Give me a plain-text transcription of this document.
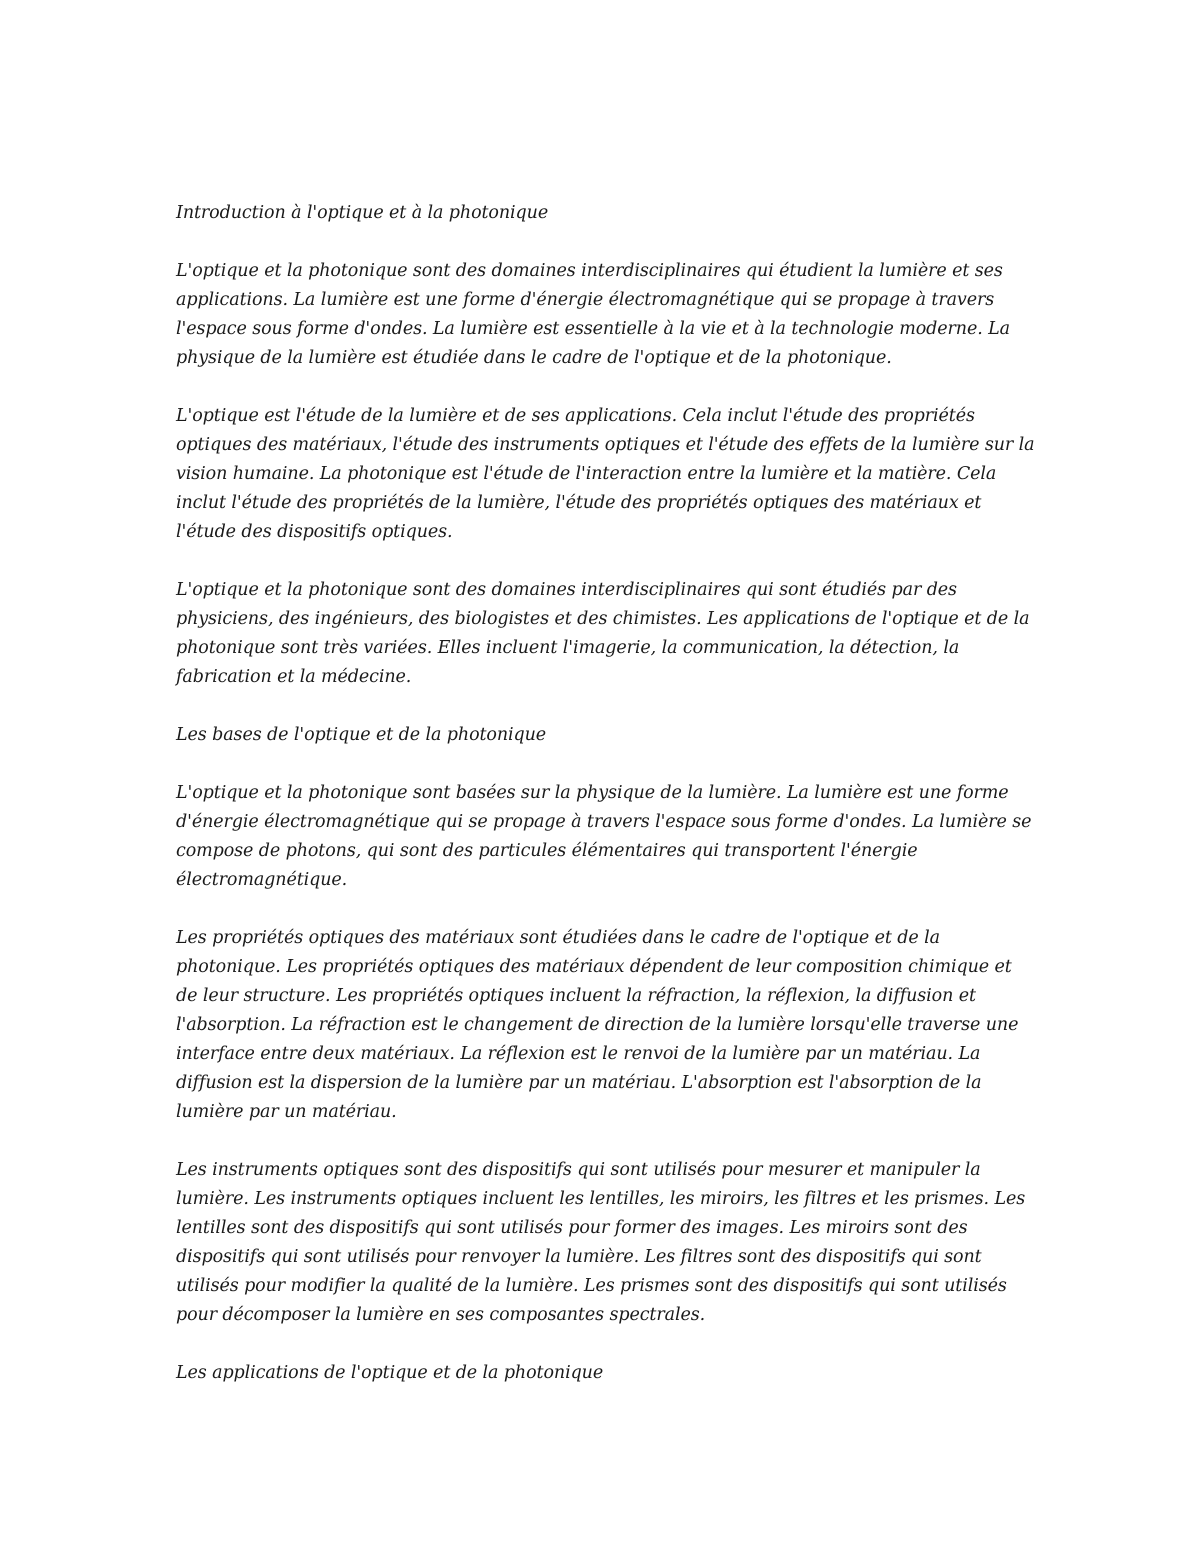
Introduction à l'optique et à la photonique

L'optique et la photonique sont des domaines interdisciplinaires qui étudient la lumière et ses applications. La lumière est une forme d'énergie électromagnétique qui se propage à travers l'espace sous forme d'ondes. La lumière est essentielle à la vie et à la technologie moderne. La physique de la lumière est étudiée dans le cadre de l'optique et de la photonique.

L'optique est l'étude de la lumière et de ses applications. Cela inclut l'étude des propriétés optiques des matériaux, l'étude des instruments optiques et l'étude des effets de la lumière sur la vision humaine. La photonique est l'étude de l'interaction entre la lumière et la matière. Cela inclut l'étude des propriétés de la lumière, l'étude des propriétés optiques des matériaux et l'étude des dispositifs optiques.

L'optique et la photonique sont des domaines interdisciplinaires qui sont étudiés par des physiciens, des ingénieurs, des biologistes et des chimistes. Les applications de l'optique et de la photonique sont très variées. Elles incluent l'imagerie, la communication, la détection, la fabrication et la médecine.

Les bases de l'optique et de la photonique

L'optique et la photonique sont basées sur la physique de la lumière. La lumière est une forme d'énergie électromagnétique qui se propage à travers l'espace sous forme d'ondes. La lumière se compose de photons, qui sont des particules élémentaires qui transportent l'énergie électromagnétique.

Les propriétés optiques des matériaux sont étudiées dans le cadre de l'optique et de la photonique. Les propriétés optiques des matériaux dépendent de leur composition chimique et de leur structure. Les propriétés optiques incluent la réfraction, la réflexion, la diffusion et l'absorption. La réfraction est le changement de direction de la lumière lorsqu'elle traverse une interface entre deux matériaux. La réflexion est le renvoi de la lumière par un matériau. La diffusion est la dispersion de la lumière par un matériau. L'absorption est l'absorption de la lumière par un matériau.

Les instruments optiques sont des dispositifs qui sont utilisés pour mesurer et manipuler la lumière. Les instruments optiques incluent les lentilles, les miroirs, les filtres et les prismes. Les lentilles sont des dispositifs qui sont utilisés pour former des images. Les miroirs sont des dispositifs qui sont utilisés pour renvoyer la lumière. Les filtres sont des dispositifs qui sont utilisés pour modifier la qualité de la lumière. Les prismes sont des dispositifs qui sont utilisés pour décomposer la lumière en ses composantes spectrales.

Les applications de l'optique et de la photonique
